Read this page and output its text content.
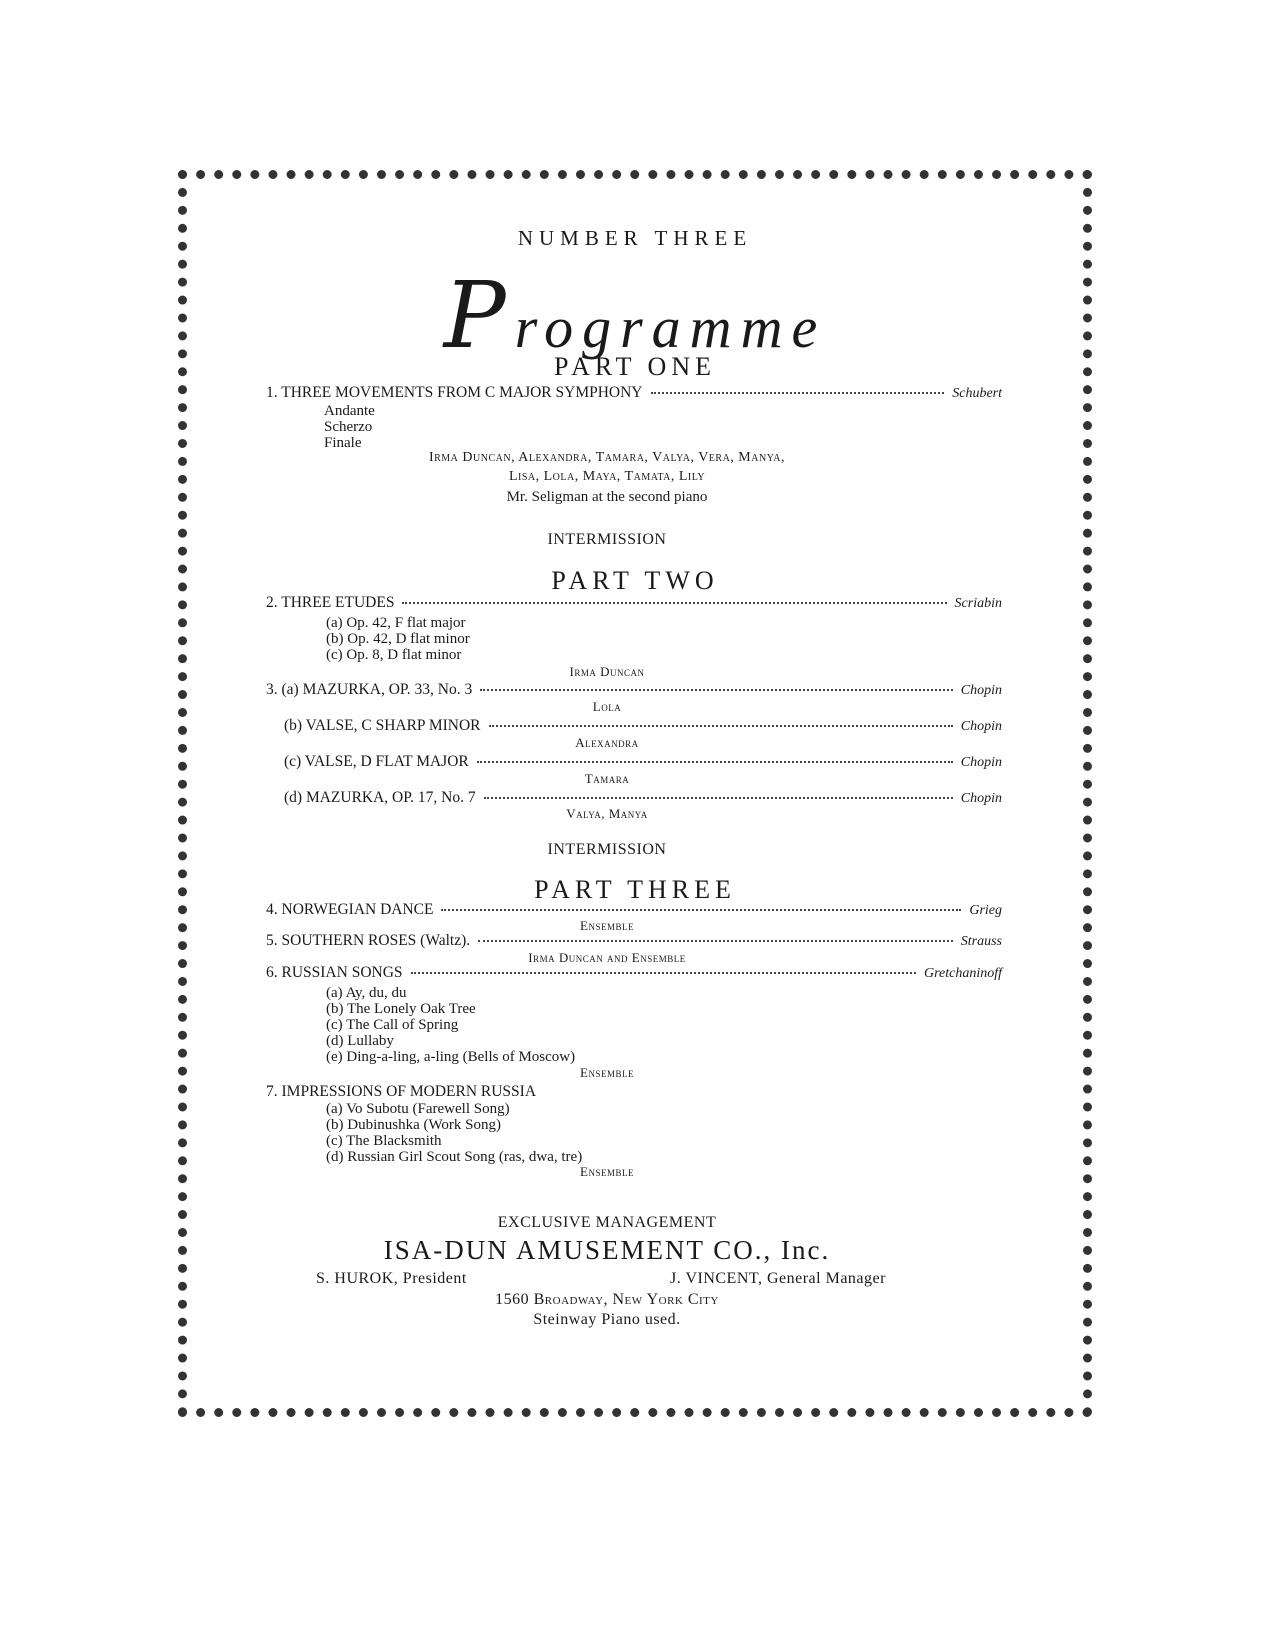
NUMBER THREE
Programme
PART ONE
1. THREE MOVEMENTS FROM C MAJOR SYMPHONY	Schubert
Andante
Scherzo
Finale
Irma Duncan, Alexandra, Tamara, Valya, Vera, Manya,
Lisa, Lola, Maya, Tamata, Lily
Mr. Seligman at the second piano
INTERMISSION
PART TWO
2. THREE ETUDES	Scriabin
(a) Op. 42, F flat major
(b) Op. 42, D flat minor
(c) Op. 8, D flat minor
Irma Duncan
3. (a) MAZURKA, OP. 33, No. 3	Chopin
Lola
(b) VALSE, C SHARP MINOR	Chopin
Alexandra
(c) VALSE, D FLAT MAJOR	Chopin
Tamara
(d) MAZURKA, OP. 17, No. 7	Chopin
Valya, Manya
INTERMISSION
PART THREE
4. NORWEGIAN DANCE	Grieg
Ensemble
5. SOUTHERN ROSES (Waltz).	Strauss
Irma Duncan and Ensemble
6. RUSSIAN SONGS	Gretchaninoff
(a) Ay, du, du
(b) The Lonely Oak Tree
(c) The Call of Spring
(d) Lullaby
(e) Ding-a-ling, a-ling (Bells of Moscow)
Ensemble
7. IMPRESSIONS OF MODERN RUSSIA
(a) Vo Subotu (Farewell Song)
(b) Dubinushka (Work Song)
(c) The Blacksmith
(d) Russian Girl Scout Song (ras, dwa, tre)
Ensemble
EXCLUSIVE MANAGEMENT
ISA-DUN AMUSEMENT CO., Inc.
S. HUROK, President	J. VINCENT, General Manager
1560 Broadway, New York City
Steinway Piano used.
